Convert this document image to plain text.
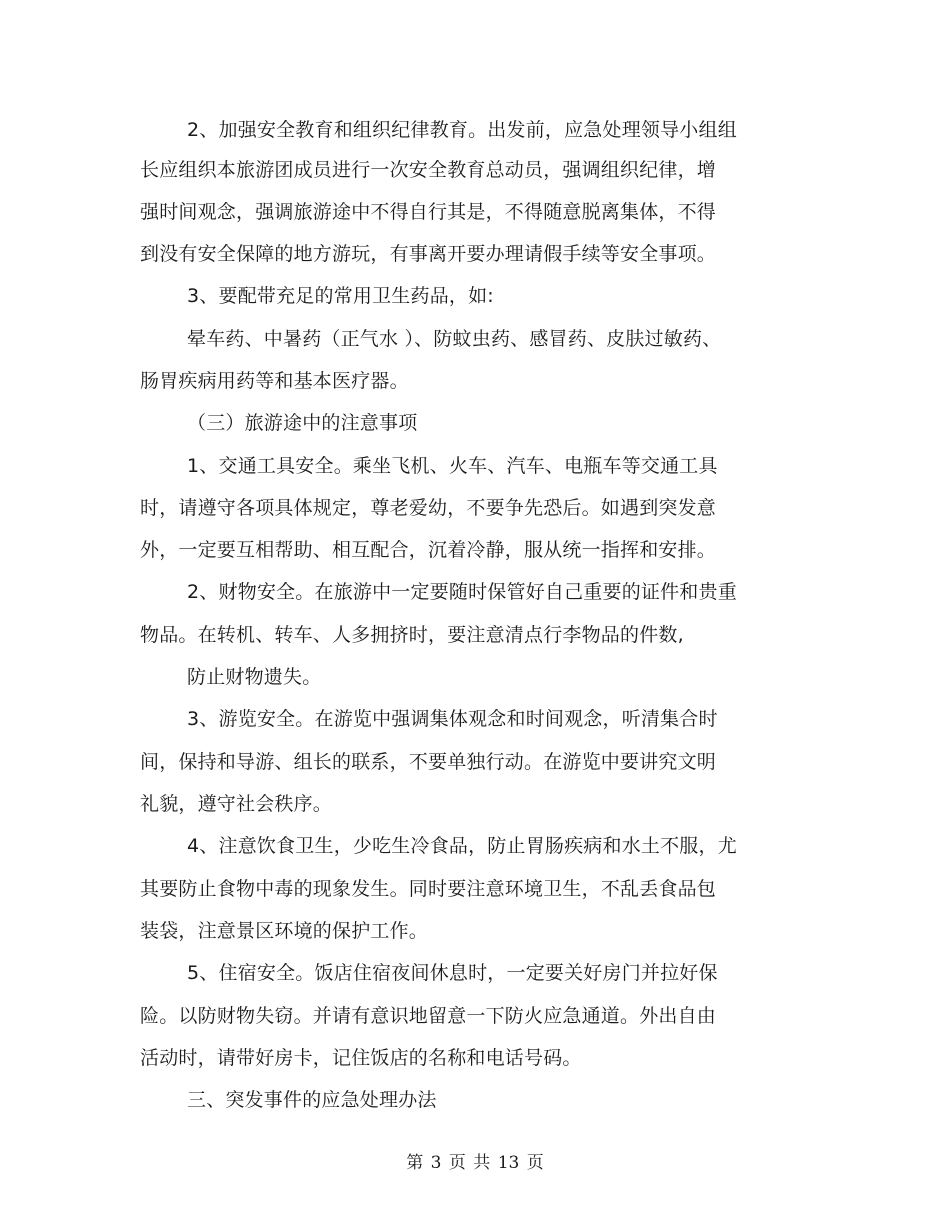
2、加强安全教育和组织纪律教育。出发前，应急处理领导小组组
长应组织本旅游团成员进行一次安全教育总动员，强调组织纪律，增
强时间观念，强调旅游途中不得自行其是，不得随意脱离集体，不得
到没有安全保障的地方游玩，有事离开要办理请假手续等安全事项。
3、要配带充足的常用卫生药品，如:
晕车药、中暑药（正气水 ）、防蚊虫药、感冒药、皮肤过敏药、
肠胃疾病用药等和基本医疗器。
（三）旅游途中的注意事项
1、交通工具安全。乘坐飞机、火车、汽车、电瓶车等交通工具
时，请遵守各项具体规定，尊老爱幼，不要争先恐后。如遇到突发意
外，一定要互相帮助、相互配合，沉着冷静，服从统一指挥和安排。
2、财物安全。在旅游中一定要随时保管好自己重要的证件和贵重
物品。在转机、转车、人多拥挤时，要注意清点行李物品的件数,
防止财物遗失。
3、游览安全。在游览中强调集体观念和时间观念，听清集合时
间，保持和导游、组长的联系，不要单独行动。在游览中要讲究文明
礼貌，遵守社会秩序。
4、注意饮食卫生，少吃生冷食品，防止胃肠疾病和水土不服，尤
其要防止食物中毒的现象发生。同时要注意环境卫生，不乱丢食品包
装袋，注意景区环境的保护工作。
5、住宿安全。饭店住宿夜间休息时，一定要关好房门并拉好保
险。以防财物失窃。并请有意识地留意一下防火应急通道。外出自由
活动时，请带好房卡，记住饭店的名称和电话号码。
三、突发事件的应急处理办法
第 3 页 共 13 页
